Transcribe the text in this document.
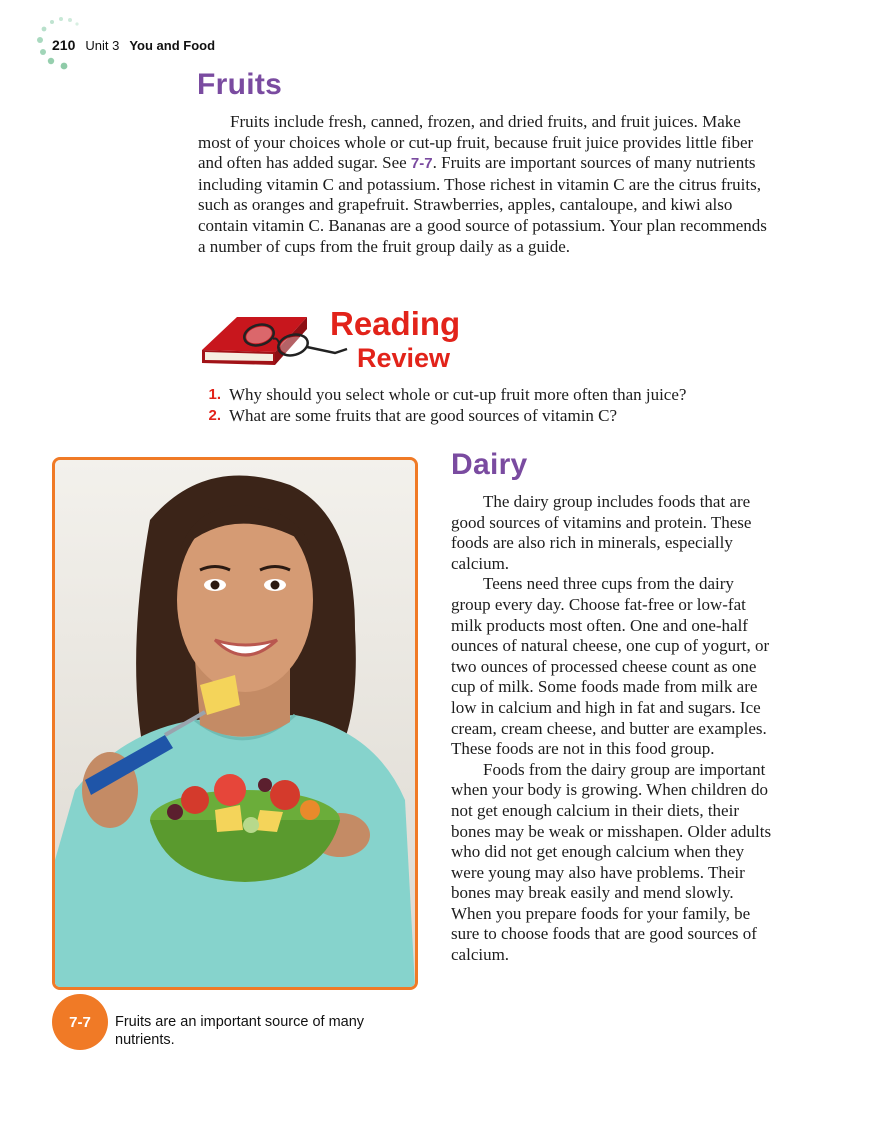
210 Unit 3 You and Food
Fruits

Fruits include fresh, canned, frozen, and dried fruits, and fruit juices. Make most of your choices whole or cut-up fruit, because fruit juice provides little fiber and often has added sugar. See 7-7. Fruits are important sources of many nutrients including vitamin C and potassium. Those richest in vitamin C are the citrus fruits, such as oranges and grapefruit. Strawberries, apples, cantaloupe, and kiwi also contain vitamin C. Bananas are a good source of potassium. Your plan recommends a number of cups from the fruit group daily as a guide.

Reading
Review
1. Why should you select whole or cut-up fruit more often than juice?
2. What are some fruits that are good sources of vitamin C?
7-7	Fruits are an important source of many nutrients.
Dairy

The dairy group includes foods that are good sources of vitamins and protein. These foods are also rich in minerals, especially calcium.

Teens need three cups from the dairy group every day. Choose fat-free or low-fat milk products most often. One and one-half ounces of natural cheese, one cup of yogurt, or two ounces of processed cheese count as one cup of milk. Some foods made from milk are low in calcium and high in fat and sugars. Ice cream, cream cheese, and butter are examples. These foods are not in this food group.

Foods from the dairy group are important when your body is growing. When children do not get enough calcium in their diets, their bones may be weak or misshapen. Older adults who did not get enough calcium when they were young may also have problems. Their bones may break easily and mend slowly. When you prepare foods for your family, be sure to choose foods that are good sources of calcium.
